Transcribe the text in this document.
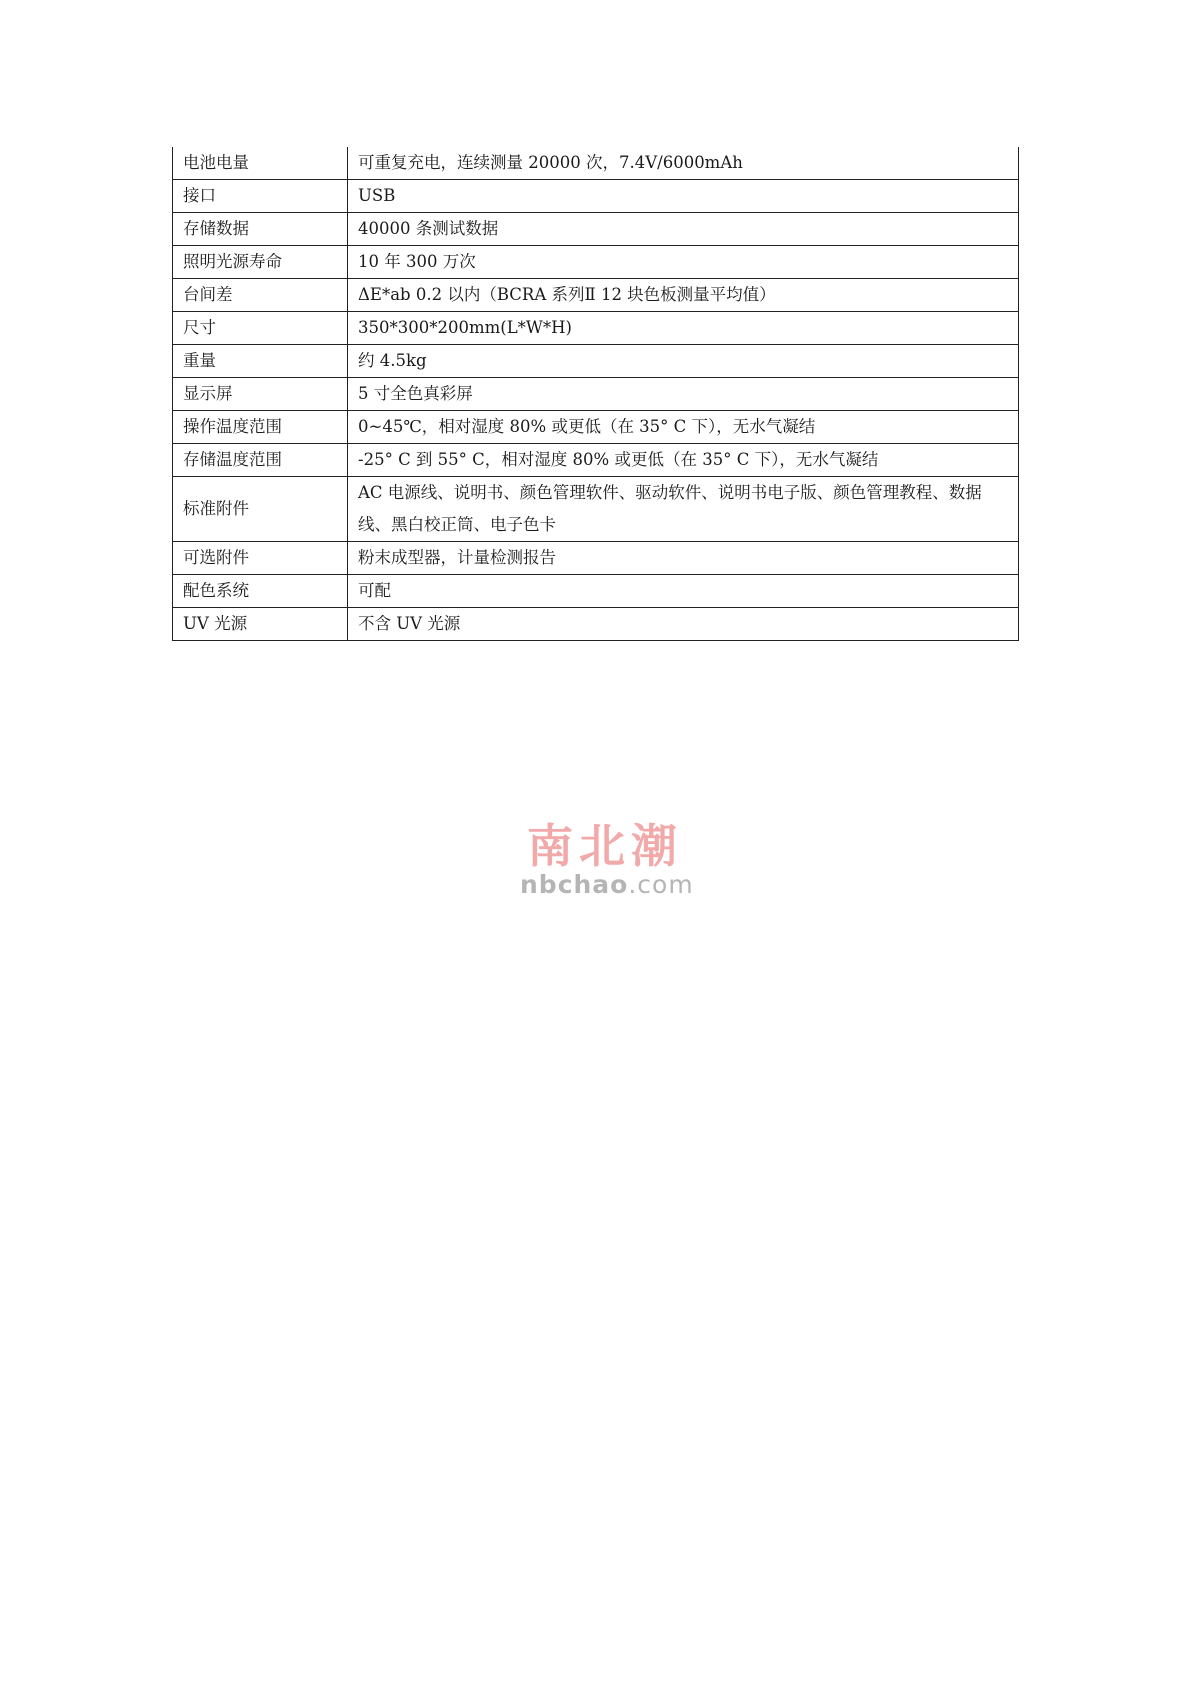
电池电量	可重复充电，连续测量 20000 次，7.4V/6000mAh
接口	USB
存储数据	40000 条测试数据
照明光源寿命	10 年 300 万次
台间差	ΔE*ab 0.2 以内（BCRA 系列Ⅱ 12 块色板测量平均值）
尺寸	350*300*200mm(L*W*H)
重量	约 4.5kg
显示屏	5 寸全色真彩屏
操作温度范围	0~45℃，相对湿度 80% 或更低（在 35° C 下），无水气凝结
存储温度范围	-25° C 到 55° C，相对湿度 80% 或更低（在 35° C 下），无水气凝结
标准附件	AC 电源线、说明书、颜色管理软件、驱动软件、说明书电子版、颜色管理教程、数据线、黑白校正筒、电子色卡
可选附件	粉末成型器，计量检测报告
配色系统	可配
UV 光源	不含 UV 光源
南北潮
nbchao.com
